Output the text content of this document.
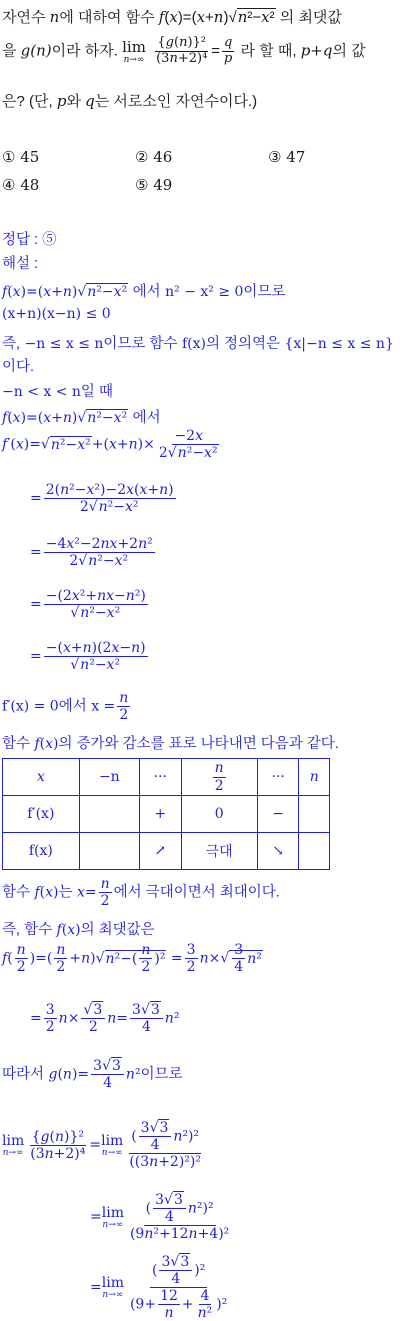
자연수 n에 대하여 함수 f(x)=(x+n)√n²−x² 의 최댓값
을 g(n)이라 하자. lim
n→∞
$\frac{\text{\{g(n)\}²}}{\text{(3n+2)⁴}} = \frac{q}{p}$ 라 할 때, p+q의 값
은? (단, p와 q는 서로소인 자연수이다.)
① 45	② 46	③ 47
④ 48	⑤ 49
정답 : ⑤
해설 :
f(x)=(x+n)√n²−x² 에서 n² − x² ≥ 0이므로
(x+n)(x−n) ≤ 0
즉, −n ≤ x ≤ n이므로 함수 f(x)의 정의역은 {x|−n ≤ x ≤ n}
이다.
−n < x < n일 때
f(x)=(x+n)√n²−x² 에서
$f'(x)=√n^2-x^2+(x+n)\times \frac{-2x}{\text{2√n²−x²}}$
= $\frac{\text{2(n²−x²)−2x(x+n)}}{\text{2√n²−x²}}$
= $\frac{\text{−4x²−2nx+2n²}}{\text{2√n²−x²}}$
= $\frac{\text{−(2x²+nx−n²)}}{\text{√n²−x²}}$
= $\frac{-(x+n)(2x-n)}{\text{√n²−x²}}$
f′(x) = 0에서 $x = \frac{n}{2}$
함수 f(x)의 증가와 감소를 표로 나타내면 다음과 같다.
x	−n	···	$\frac{n}{2}$	···	n
f′(x)		+	0	−	
f(x)		↗	극대	↘	
함수 f(x)는 $x= \frac{n}{2}$ 에서 극대이면서 최대이다.
즉, 함수 f(x)의 최댓값은
$f( \frac{n}{2}$ )=( $\frac{n}{2} +n)√n^2-( \frac{n}{2} )^2 = \frac{3}{2} n\times√ \frac{3}{4} n^2$
= $\frac{3}{2} n\times \frac{√3}{2} n= \frac{3√3}{4} n^2$
따라서 $g(n)= \frac{3√3}{4} n^2$이므로
lim
$n\to\infty \frac{\text{\{g(n)\}²}}{\text{(3n+2)⁴}} = \lim$
$n\to\infty \frac{( \frac{3√3}{4} n^2)^2}{\text{((3n+2)²)²}}$
= lim
$n\to\infty \frac{( \frac{3√3}{4} n^2)^2}{\text{(9n²+12n+4)²}}$
= lim
$n\to\infty \frac{( \frac{3√3}{4} )^2}{(9+ \frac{12}{n} + \frac{4}{\text{n²}} )^2}$
